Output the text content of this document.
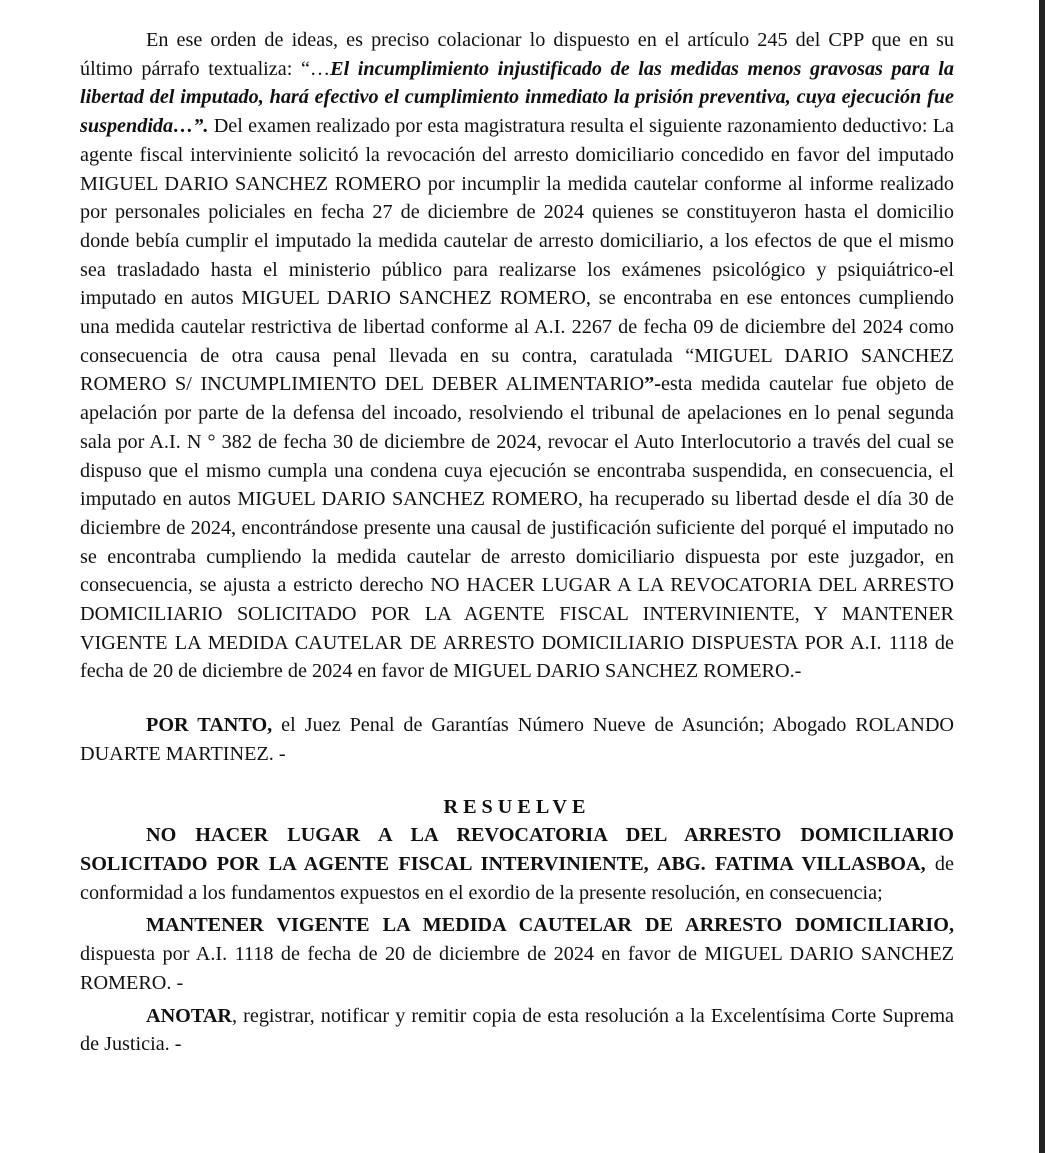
En ese orden de ideas, es preciso colacionar lo dispuesto en el artículo 245 del CPP que en su último párrafo textualiza: “…El incumplimiento injustificado de las medidas menos gravosas para la libertad del imputado, hará efectivo el cumplimiento inmediato la prisión preventiva, cuya ejecución fue suspendida…”. Del examen realizado por esta magistratura resulta el siguiente razonamiento deductivo: La agente fiscal interviniente solicitó la revocación del arresto domiciliario concedido en favor del imputado MIGUEL DARIO SANCHEZ ROMERO por incumplir la medida cautelar conforme al informe realizado por personales policiales en fecha 27 de diciembre de 2024 quienes se constituyeron hasta el domicilio donde bebía cumplir el imputado la medida cautelar de arresto domiciliario, a los efectos de que el mismo sea trasladado hasta el ministerio público para realizarse los exámenes psicológico y psiquiátrico-el imputado en autos MIGUEL DARIO SANCHEZ ROMERO, se encontraba en ese entonces cumpliendo una medida cautelar restrictiva de libertad conforme al A.I. 2267 de fecha 09 de diciembre del 2024 como consecuencia de otra causa penal llevada en su contra, caratulada “MIGUEL DARIO SANCHEZ ROMERO S/ INCUMPLIMIENTO DEL DEBER ALIMENTARIO”-esta medida cautelar fue objeto de apelación por parte de la defensa del incoado, resolviendo el tribunal de apelaciones en lo penal segunda sala por A.I. N ° 382 de fecha 30 de diciembre de 2024, revocar el Auto Interlocutorio a través del cual se dispuso que el mismo cumpla una condena cuya ejecución se encontraba suspendida, en consecuencia, el imputado en autos MIGUEL DARIO SANCHEZ ROMERO, ha recuperado su libertad desde el día 30 de diciembre de 2024, encontrándose presente una causal de justificación suficiente del porqué el imputado no se encontraba cumpliendo la medida cautelar de arresto domiciliario dispuesta por este juzgador, en consecuencia, se ajusta a estricto derecho NO HACER LUGAR A LA REVOCATORIA DEL ARRESTO DOMICILIARIO SOLICITADO POR LA AGENTE FISCAL INTERVINIENTE, Y MANTENER VIGENTE LA MEDIDA CAUTELAR DE ARRESTO DOMICILIARIO DISPUESTA POR A.I. 1118 de fecha de 20 de diciembre de 2024 en favor de MIGUEL DARIO SANCHEZ ROMERO.-

POR TANTO, el Juez Penal de Garantías Número Nueve de Asunción; Abogado ROLANDO DUARTE MARTINEZ. -

RESUELVE

NO HACER LUGAR A LA REVOCATORIA DEL ARRESTO DOMICILIARIO SOLICITADO POR LA AGENTE FISCAL INTERVINIENTE, ABG. FATIMA VILLASBOA, de conformidad a los fundamentos expuestos en el exordio de la presente resolución, en consecuencia;

MANTENER VIGENTE LA MEDIDA CAUTELAR DE ARRESTO DOMICILIARIO, dispuesta por A.I. 1118 de fecha de 20 de diciembre de 2024 en favor de MIGUEL DARIO SANCHEZ ROMERO. -

ANOTAR, registrar, notificar y remitir copia de esta resolución a la Excelentísima Corte Suprema de Justicia. -
